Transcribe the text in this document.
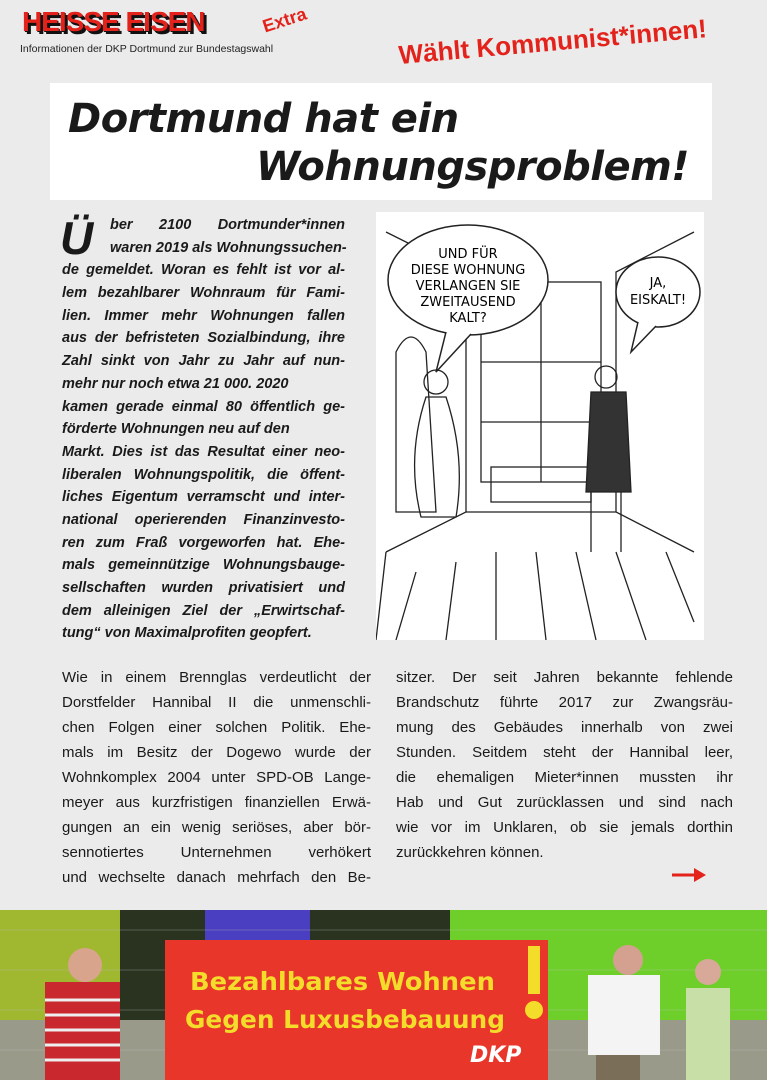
HEISSE EISEN	Extra
Informationen der DKP Dortmund zur Bundestagswahl	Wählt Kommunist*innen!
Dortmund hat ein
Wohnungsproblem!
Ü	ber 2100 Dortmunder*innen
waren 2019 als Wohnungssuchen-
de gemeldet. Woran es fehlt ist vor al-
lem bezahlbarer Wohnraum für Fami-
lien. Immer mehr Wohnungen fallen
aus der befristeten Sozialbindung, ihre
Zahl sinkt von Jahr zu Jahr auf nun-
mehr nur noch etwa 21 000. 2020
kamen gerade einmal 80 öffentlich ge-
förderte Wohnungen neu auf den
Markt. Dies ist das Resultat einer neo-
liberalen Wohnungspolitik, die öffent-
liches Eigentum verramscht und inter-
national operierenden Finanzinvesto-
ren zum Fraß vorgeworfen hat. Ehe-
mals gemeinnützige Wohnungsbauge-
sellschaften wurden privatisiert und
dem alleinigen Ziel der „Erwirtschaf-
tung“ von Maximalprofiten geopfert.
UND FÜR
DIESE WOHNUNG
VERLANGEN SIE
ZWEITAUSEND
KALT?
JA,
EISKALT!
Wie in einem Brennglas verdeutlicht der
Dorstfelder Hannibal II die unmenschli-
chen Folgen einer solchen Politik. Ehe-
mals im Besitz der Dogewo wurde der
Wohnkomplex 2004 unter SPD-OB Lange-
meyer aus kurzfristigen finanziellen Erwä-
gungen an ein wenig seriöses, aber bör-
sennotiertes Unternehmen verhökert
und wechselte danach mehrfach den Be-
sitzer. Der seit Jahren bekannte fehlende
Brandschutz führte 2017 zur Zwangsräu-
mung des Gebäudes innerhalb von zwei
Stunden. Seitdem steht der Hannibal leer,
die ehemaligen Mieter*innen mussten ihr
Hab und Gut zurücklassen und sind nach
wie vor im Unklaren, ob sie jemals dorthin
zurückkehren können.
Bezahlbares Wohnen
Gegen Luxusbebauung
DKP
